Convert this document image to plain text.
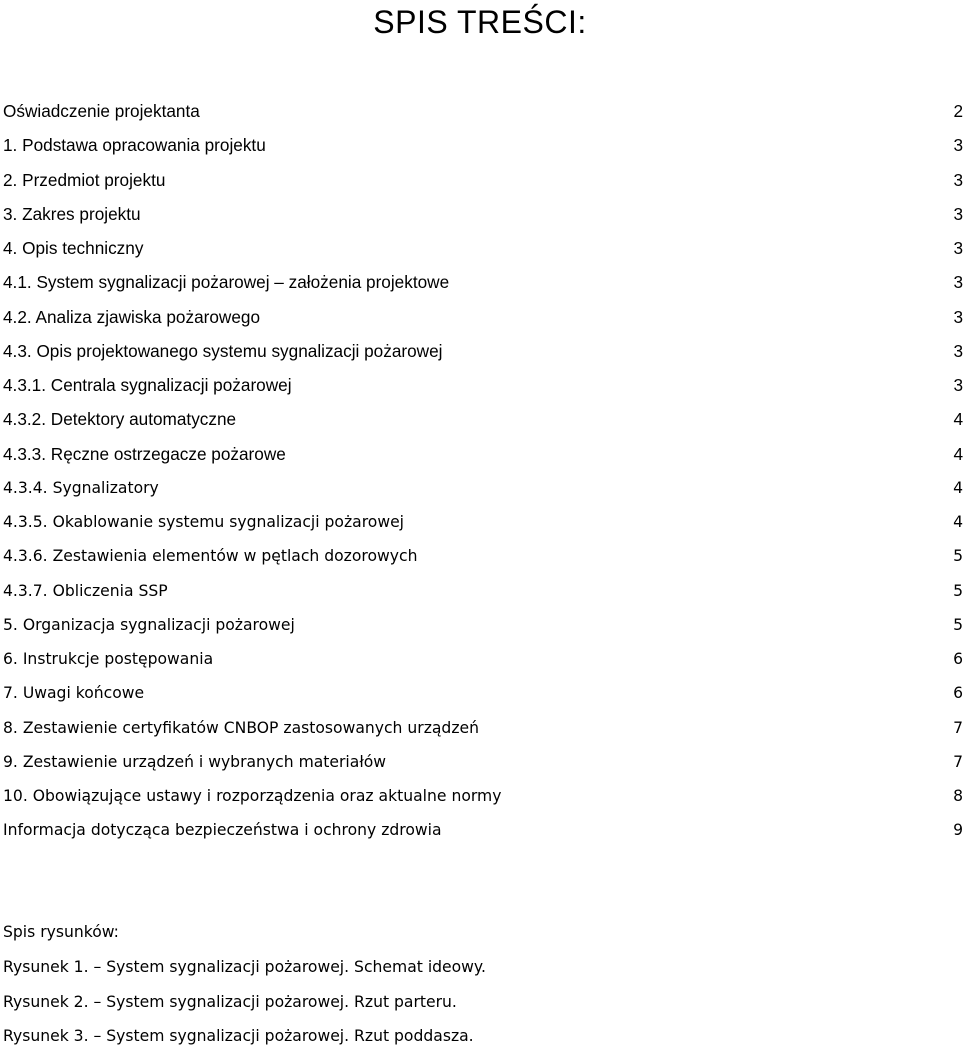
SPIS TREŚCI:
Oświadczenie projektanta .....	2
1. Podstawa opracowania projektu .....	3
2. Przedmiot projektu .....	3
3. Zakres projektu .....	3
4. Opis techniczny .....	3
4.1. System sygnalizacji pożarowej – założenia projektowe .....	3
4.2. Analiza zjawiska pożarowego .....	3
4.3. Opis projektowanego systemu sygnalizacji pożarowej .....	3
4.3.1. Centrala sygnalizacji pożarowej .....	3
4.3.2. Detektory automatyczne .....	4
4.3.3. Ręczne ostrzegacze pożarowe .....	4
4.3.4. Sygnalizatory .....	4
4.3.5. Okablowanie systemu sygnalizacji pożarowej .....	4
4.3.6. Zestawienia elementów w pętlach dozorowych .....	5
4.3.7. Obliczenia SSP .....	5
5. Organizacja sygnalizacji pożarowej .....	5
6. Instrukcje postępowania .....	6
7. Uwagi końcowe .....	6
8. Zestawienie certyfikatów CNBOP zastosowanych urządzeń .....	7
9. Zestawienie urządzeń i wybranych materiałów .....	7
10. Obowiązujące ustawy i rozporządzenia oraz aktualne normy .....	8
Informacja dotycząca bezpieczeństwa i ochrony zdrowia .....	9
Spis rysunków:
Rysunek 1. – System sygnalizacji pożarowej. Schemat ideowy.
Rysunek 2. – System sygnalizacji pożarowej. Rzut parteru.
Rysunek 3. – System sygnalizacji pożarowej. Rzut poddasza.
